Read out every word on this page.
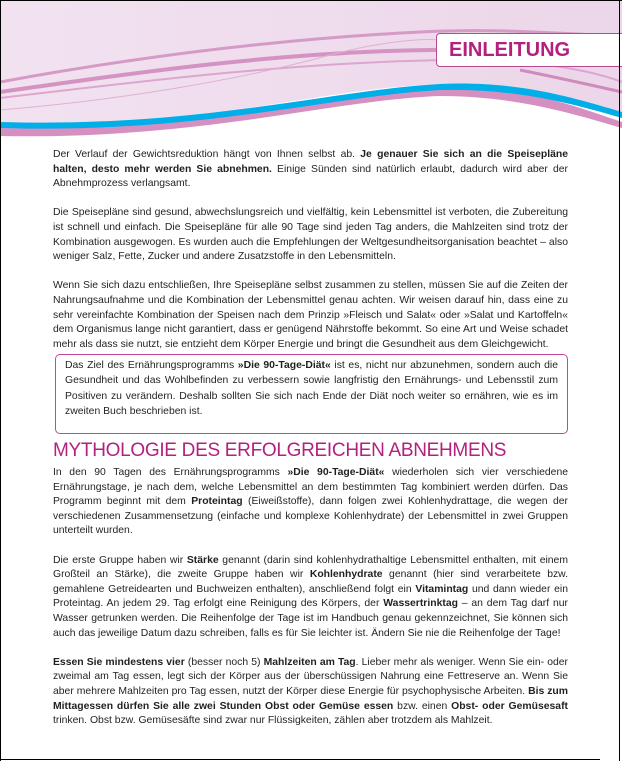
EINLEITUNG

Der Verlauf der Gewichtsreduktion hängt von Ihnen selbst ab. Je genauer Sie sich an die Speisepläne halten, desto mehr werden Sie abnehmen. Einige Sünden sind natürlich erlaubt, dadurch wird aber der Abnehmprozess verlangsamt.

Die Speisepläne sind gesund, abwechslungsreich und vielfältig, kein Lebensmittel ist verboten, die Zubereitung ist schnell und einfach. Die Speisepläne für alle 90 Tage sind jeden Tag anders, die Mahlzeiten sind trotz der Kombination ausgewogen. Es wurden auch die Empfehlungen der Weltgesundheitsorganisation beachtet – also weniger Salz, Fette, Zucker und andere Zusatzstoffe in den Lebensmitteln.

Wenn Sie sich dazu entschließen, Ihre Speisepläne selbst zusammen zu stellen, müssen Sie auf die Zeiten der Nahrungsaufnahme und die Kombination der Lebensmittel genau achten. Wir weisen darauf hin, dass eine zu sehr vereinfachte Kombination der Speisen nach dem Prinzip »Fleisch und Salat« oder »Salat und Kartoffeln« dem Organismus lange nicht garantiert, dass er genügend Nährstoffe bekommt. So eine Art und Weise schadet mehr als dass sie nutzt, sie entzieht dem Körper Energie und bringt die Gesundheit aus dem Gleichgewicht.

Das Ziel des Ernährungsprogramms »Die 90-Tage-Diät« ist es, nicht nur abzunehmen, sondern auch die Gesundheit und das Wohlbefinden zu verbessern sowie langfristig den Ernährungs- und Lebensstil zum Positiven zu verändern. Deshalb sollten Sie sich nach Ende der Diät noch weiter so ernähren, wie es im zweiten Buch beschrieben ist.

MYTHOLOGIE DES ERFOLGREICHEN ABNEHMENS

In den 90 Tagen des Ernährungsprogramms »Die 90-Tage-Diät« wiederholen sich vier verschiedene Ernährungstage, je nach dem, welche Lebensmittel an dem bestimmten Tag kombiniert werden dürfen. Das Programm beginnt mit dem Proteintag (Eiweißstoffe), dann folgen zwei Kohlenhydrattage, die wegen der verschiedenen Zusammensetzung (einfache und komplexe Kohlenhydrate) der Lebensmittel in zwei Gruppen unterteilt wurden.

Die erste Gruppe haben wir Stärke genannt (darin sind kohlenhydrathaltige Lebensmittel enthalten, mit einem Großteil an Stärke), die zweite Gruppe haben wir Kohlenhydrate genannt (hier sind verarbeitete bzw. gemahlene Getreidearten und Buchweizen enthalten), anschließend folgt ein Vitamintag und dann wieder ein Proteintag. An jedem 29. Tag erfolgt eine Reinigung des Körpers, der Wassertrinktag – an dem Tag darf nur Wasser getrunken werden. Die Reihenfolge der Tage ist im Handbuch genau gekennzeichnet, Sie können sich auch das jeweilige Datum dazu schreiben, falls es für Sie leichter ist. Ändern Sie nie die Reihenfolge der Tage!

Essen Sie mindestens vier (besser noch 5) Mahlzeiten am Tag. Lieber mehr als weniger. Wenn Sie ein- oder zweimal am Tag essen, legt sich der Körper aus der überschüssigen Nahrung eine Fettreserve an. Wenn Sie aber mehrere Mahlzeiten pro Tag essen, nutzt der Körper diese Energie für psychophysische Arbeiten. Bis zum Mittagessen dürfen Sie alle zwei Stunden Obst oder Gemüse essen bzw. einen Obst- oder Gemüsesaft trinken. Obst bzw. Gemüsesäfte sind zwar nur Flüssigkeiten, zählen aber trotzdem als Mahlzeit.
